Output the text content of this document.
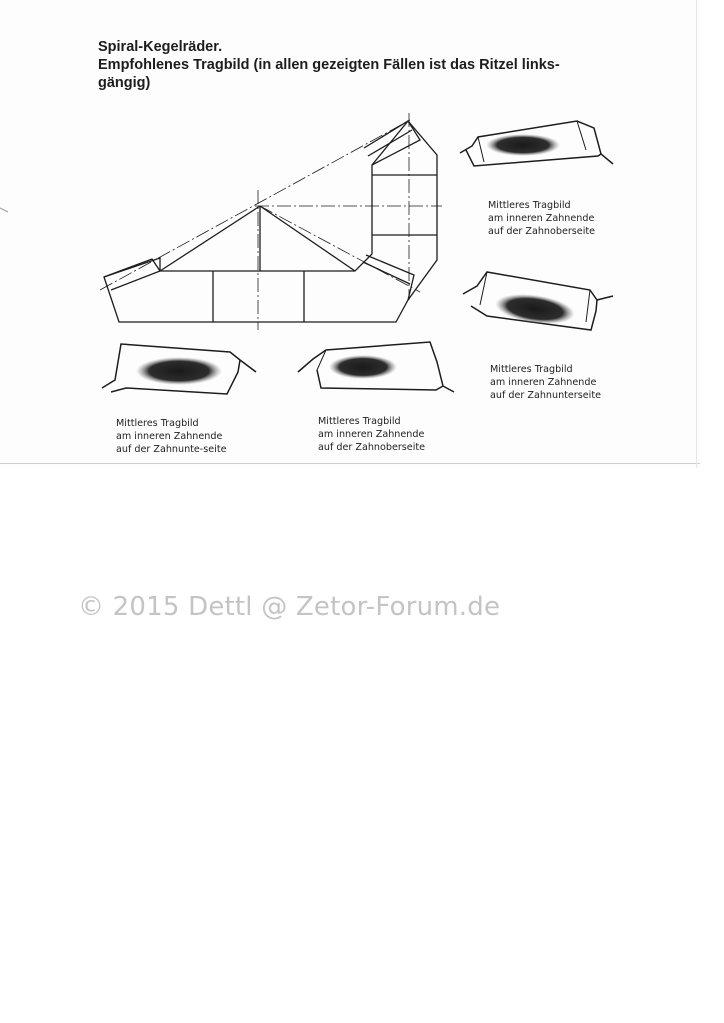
Spiral-Kegelräder.
Empfohlenes Tragbild (in allen gezeigten Fällen ist das Ritzel links-
gängig)
Mittleres Tragbild
am inneren Zahnende
auf der Zahnoberseite
Mittleres Tragbild
am inneren Zahnende
auf der Zahnunterseite
Mittleres Tragbild
am inneren Zahnende
auf der Zahnunte-seite
Mittleres Tragbild
am inneren Zahnende
auf der Zahnoberseite
© 2015 Dettl @ Zetor-Forum.de
